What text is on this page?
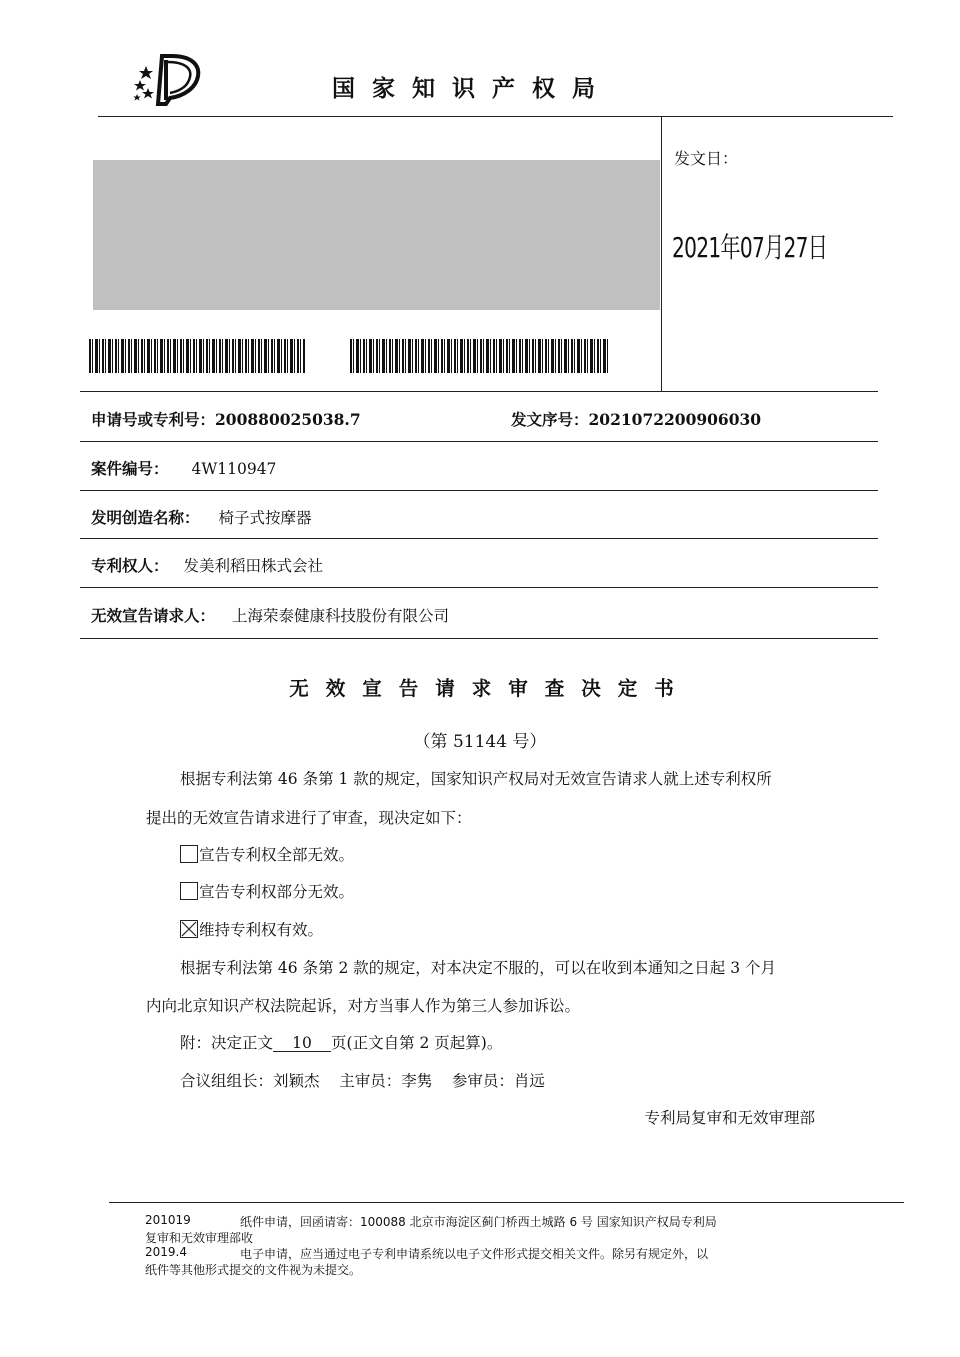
国家知识产权局
发文日：
2021年07月27日
申请号或专利号：200880025038.7	发文序号：2021072200906030
案件编号： 4W110947
发明创造名称： 椅子式按摩器
专利权人： 发美利稻田株式会社
无效宣告请求人： 上海荣泰健康科技股份有限公司
无效宣告请求审查决定书
（第 51144 号）
根据专利法第 46 条第 1 款的规定，国家知识产权局对无效宣告请求人就上述专利权所
提出的无效宣告请求进行了审查，现决定如下：
宣告专利权全部无效。
宣告专利权部分无效。
维持专利权有效。
根据专利法第 46 条第 2 款的规定，对本决定不服的，可以在收到本通知之日起 3 个月
内向北京知识产权法院起诉，对方当事人作为第三人参加诉讼。
附：决定正文 10 页(正文自第 2 页起算)。
合议组组长：刘颖杰    主审员：李隽    参审员：肖远
专利局复审和无效审理部
201019	纸件申请，回函请寄：100088 北京市海淀区蓟门桥西土城路 6 号 国家知识产权局专利局
复审和无效审理部收
2019.4	电子申请，应当通过电子专利申请系统以电子文件形式提交相关文件。除另有规定外，以
纸件等其他形式提交的文件视为未提交。
